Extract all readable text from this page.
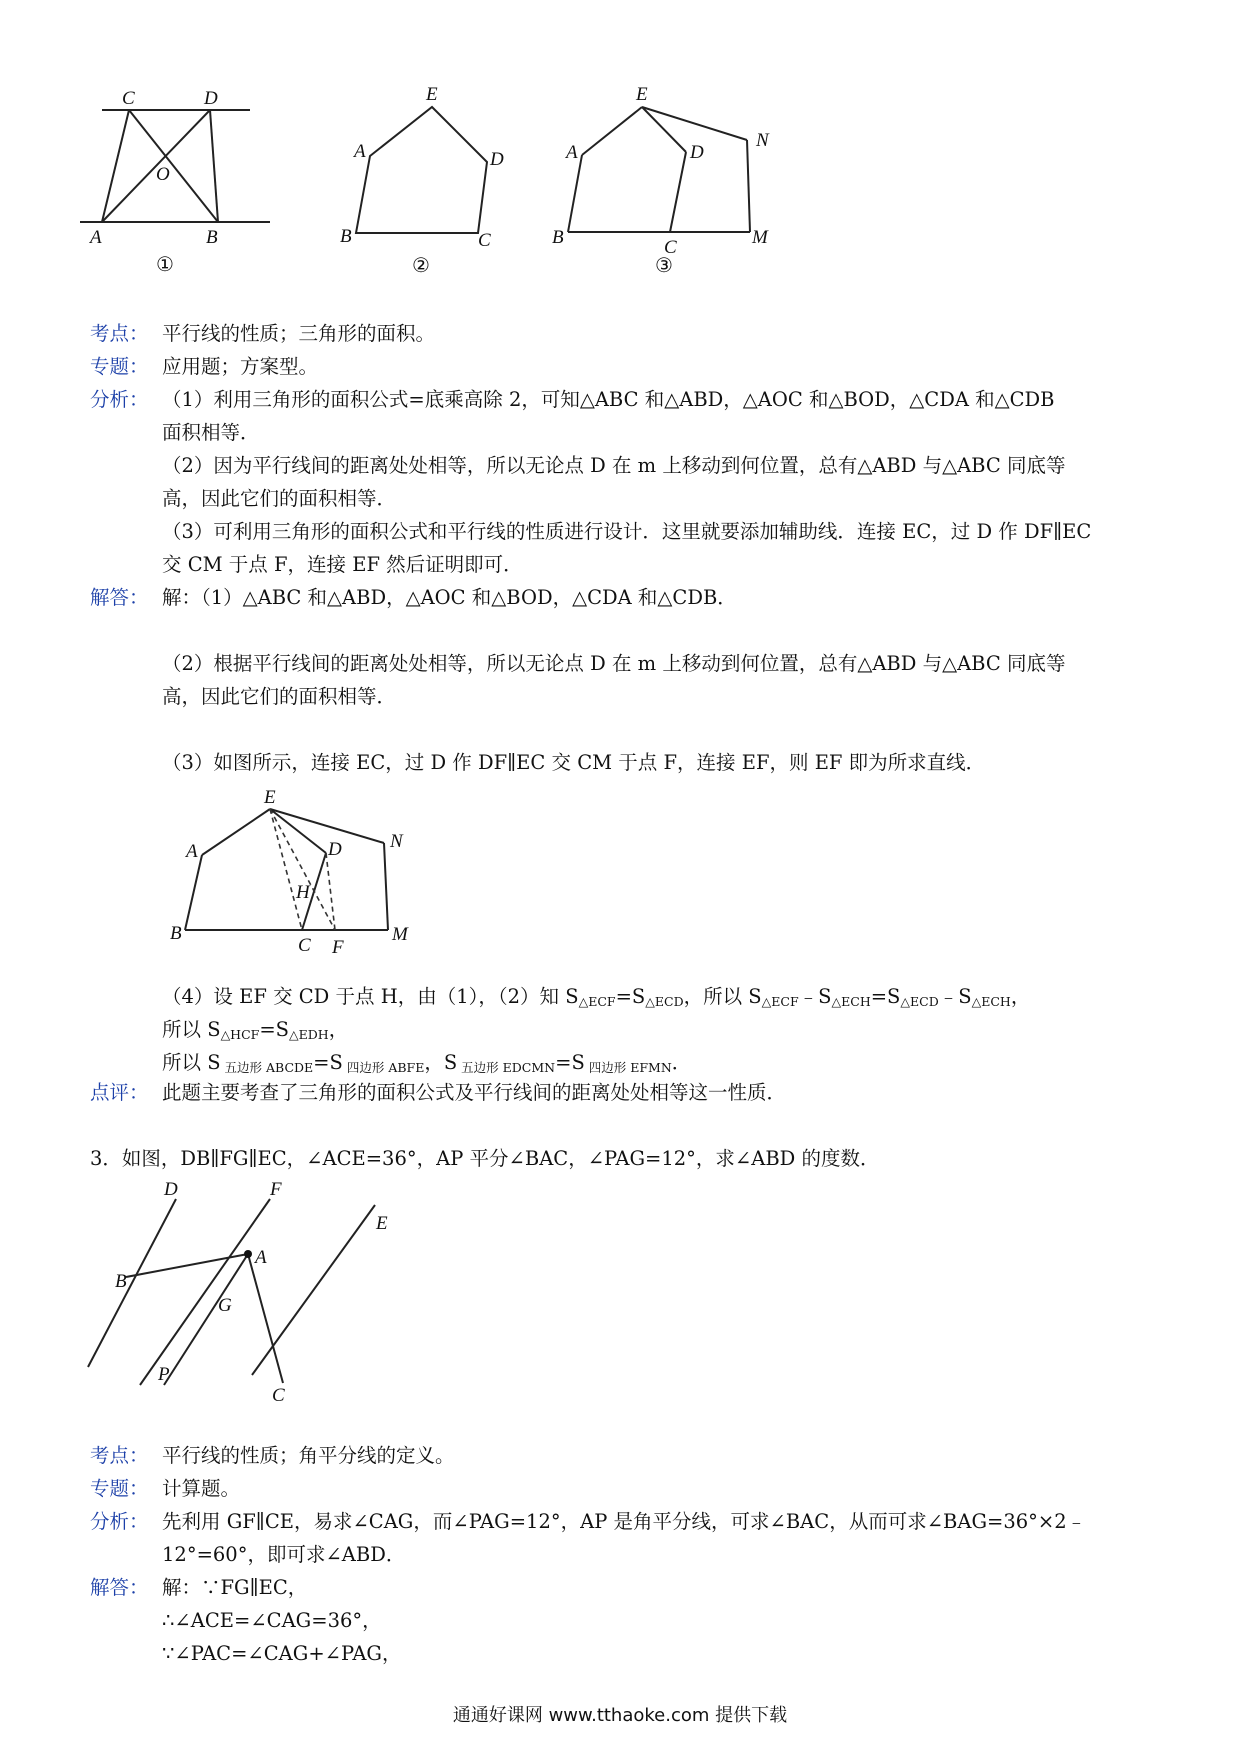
C	D
O
A	B
①
E
A	D
B	C
②
E
A	D
N
B	C	M
③
考点： 平行线的性质；三角形的面积。
专题： 应用题；方案型。
分析： （1）利用三角形的面积公式=底乘高除 2，可知△ABC 和△ABD，△AOC 和△BOD，△CDA 和△CDB
面积相等．
（2）因为平行线间的距离处处相等，所以无论点 D 在 m 上移动到何位置，总有△ABD 与△ABC 同底等
高，因此它们的面积相等．
（3）可利用三角形的面积公式和平行线的性质进行设计．这里就要添加辅助线．连接 EC，过 D 作 DF∥EC
交 CM 于点 F，连接 EF 然后证明即可．
解答： 解：（1）△ABC 和△ABD，△AOC 和△BOD，△CDA 和△CDB．
（2）根据平行线间的距离处处相等，所以无论点 D 在 m 上移动到何位置，总有△ABD 与△ABC 同底等
高，因此它们的面积相等．
（3）如图所示，连接 EC，过 D 作 DF∥EC 交 CM 于点 F，连接 EF，则 EF 即为所求直线．
E
A	D	N
H
B
C F
M
（4）设 EF 交 CD 于点 H，由（1），（2）知 $S_{\triangle ECF}=S_{\triangle ECD}$，所以 $S_{\triangle ECF}﹣S_{\triangle ECH}=S_{\triangle ECD}﹣S_{\triangle ECH}$，
所以 $S_{\triangle HCF}=S_{\triangle EDH}$，
所以 S $_{五边形 ABCDE}$=S $_{四边形 ABFE}$，S $_{五边形 EDCMN}$=S $_{四边形 EFMN}$．
点评： 此题主要考查了三角形的面积公式及平行线间的距离处处相等这一性质．
3．如图，DB∥FG∥EC，∠ACE=36°，AP 平分∠BAC，∠PAG=12°，求∠ABD 的度数．
D	F
E
B
A
G
P
C
考点： 平行线的性质；角平分线的定义。
专题： 计算题。
分析： 先利用 GF∥CE，易求∠CAG，而∠PAG=12°，AP 是角平分线，可求∠BAC，从而可求∠BAG=36°×2﹣
12°=60°，即可求∠ABD．
解答： 解：∵FG∥EC，
∴∠ACE=∠CAG=36°，
∵∠PAC=∠CAG+∠PAG，
通通好课网 www.tthaoke.com 提供下载
